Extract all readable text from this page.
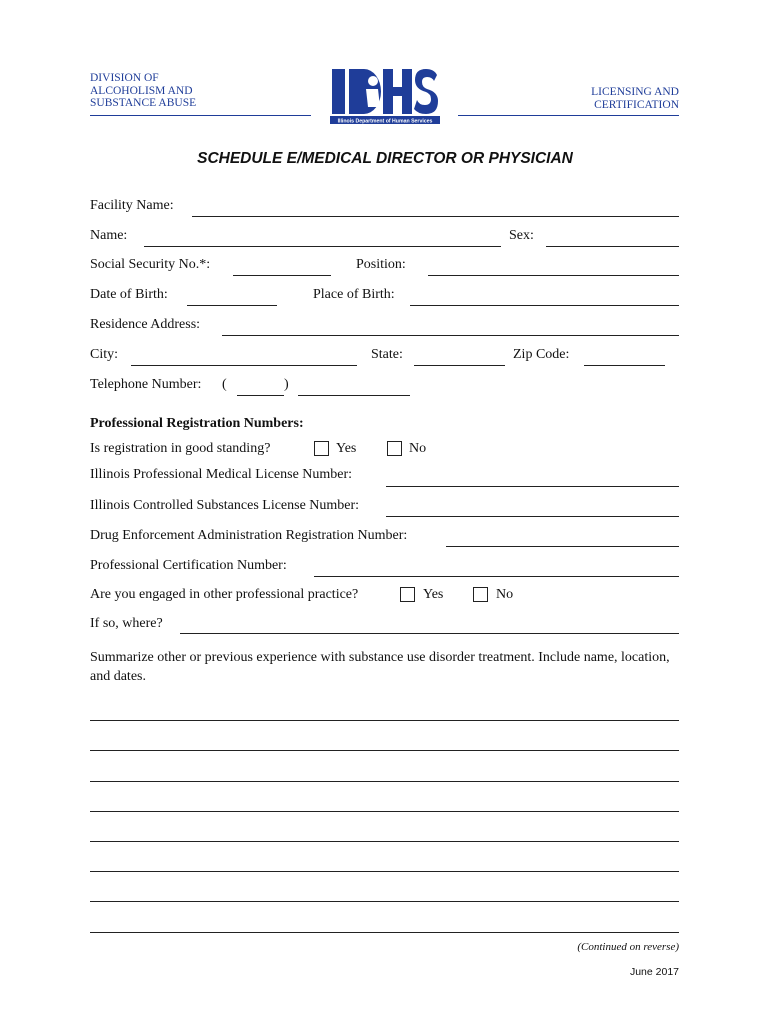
DIVISION OF
ALCOHOLISM AND
SUBSTANCE ABUSE
Illinois Department of Human Services
LICENSING AND
CERTIFICATION
SCHEDULE E/MEDICAL DIRECTOR OR PHYSICIAN
Facility Name:
Name:	Sex:
Social Security No.*:	Position:
Date of Birth:	Place of Birth:
Residence Address:
City:	State:	Zip Code:
Telephone Number: (	)
Professional Registration Numbers:
Is registration in good standing?	Yes	No
Illinois Professional Medical License Number:
Illinois Controlled Substances License Number:
Drug Enforcement Administration Registration Number:
Professional Certification Number:
Are you engaged in other professional practice?	Yes	No
If so, where?
Summarize other or previous experience with substance use disorder treatment. Include name, location, and dates.
(Continued on reverse)
June 2017
